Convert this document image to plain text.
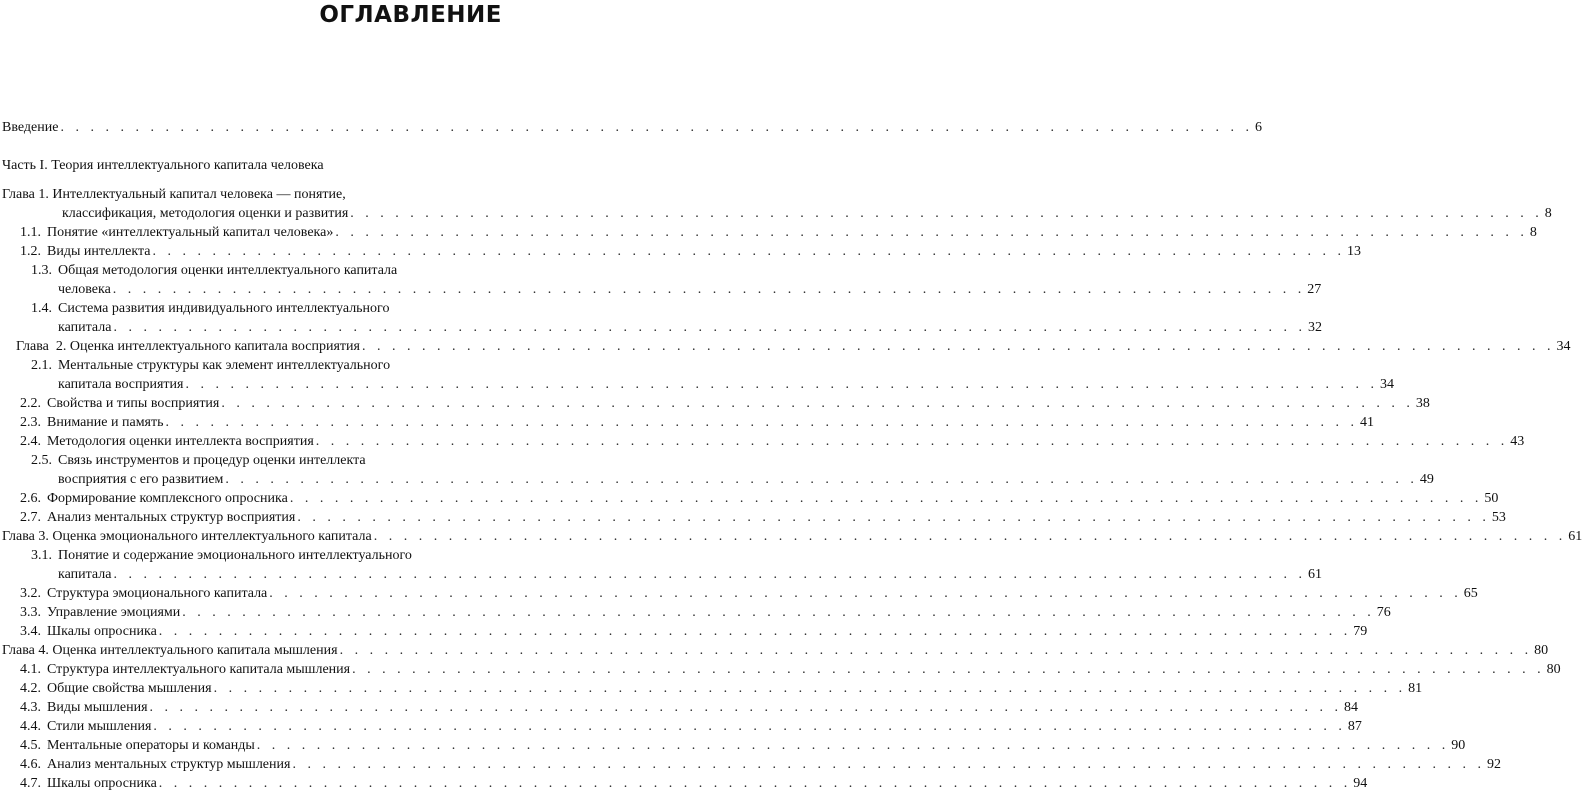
ОГЛАВЛЕНИЕ
Введение . . . . . . . . . . . . . . . . . . . . . . . . . . . . . . . . . . . . . . . . . . . . . . . . . . . . . . . . . . . . . . . . . . . . . . . . . . . . . . . . 6
Часть I. Теория интеллектуального капитала человека
Глава 1. Интеллектуальный капитал человека — понятие,
классификация, методология оценки и развития . . . . . . . . . . . . . . . . . . . . . . . . . . . . . . . . . . . . . . . . . . . . . . . . . . . . . . . . . . . . . . . . . . . . . . . . . . . . . . . . 8
1.1. Понятие «интеллектуальный капитал человека» . . . . . . . . . . . . . . . . . . . . . . . . . . . . . . . . . . . . . . . . . . . . . . . . . . . . . . . . . . . . . . . . . . . . . . . . . . . . . . . . 8
1.2. Виды интеллекта . . . . . . . . . . . . . . . . . . . . . . . . . . . . . . . . . . . . . . . . . . . . . . . . . . . . . . . . . . . . . . . . . . . . . . . . . . . . . . . . 13
1.3. Общая методология оценки интеллектуального капитала
человека . . . . . . . . . . . . . . . . . . . . . . . . . . . . . . . . . . . . . . . . . . . . . . . . . . . . . . . . . . . . . . . . . . . . . . . . . . . . . . . . 27
1.4. Система развития индивидуального интеллектуального
капитала . . . . . . . . . . . . . . . . . . . . . . . . . . . . . . . . . . . . . . . . . . . . . . . . . . . . . . . . . . . . . . . . . . . . . . . . . . . . . . . . 32
Глава  2. Оценка интеллектуального капитала восприятия . . . . . . . . . . . . . . . . . . . . . . . . . . . . . . . . . . . . . . . . . . . . . . . . . . . . . . . . . . . . . . . . . . . . . . . . . . . . . . . . 34
2.1. Ментальные структуры как элемент интеллектуального
капитала восприятия . . . . . . . . . . . . . . . . . . . . . . . . . . . . . . . . . . . . . . . . . . . . . . . . . . . . . . . . . . . . . . . . . . . . . . . . . . . . . . . . 34
2.2. Свойства и типы восприятия . . . . . . . . . . . . . . . . . . . . . . . . . . . . . . . . . . . . . . . . . . . . . . . . . . . . . . . . . . . . . . . . . . . . . . . . . . . . . . . . 38
2.3. Внимание и память . . . . . . . . . . . . . . . . . . . . . . . . . . . . . . . . . . . . . . . . . . . . . . . . . . . . . . . . . . . . . . . . . . . . . . . . . . . . . . . . 41
2.4. Методология оценки интеллекта восприятия . . . . . . . . . . . . . . . . . . . . . . . . . . . . . . . . . . . . . . . . . . . . . . . . . . . . . . . . . . . . . . . . . . . . . . . . . . . . . . . . 43
2.5. Связь инструментов и процедур оценки интеллекта
восприятия с его развитием . . . . . . . . . . . . . . . . . . . . . . . . . . . . . . . . . . . . . . . . . . . . . . . . . . . . . . . . . . . . . . . . . . . . . . . . . . . . . . . . 49
2.6. Формирование комплексного опросника . . . . . . . . . . . . . . . . . . . . . . . . . . . . . . . . . . . . . . . . . . . . . . . . . . . . . . . . . . . . . . . . . . . . . . . . . . . . . . . . 50
2.7. Анализ ментальных структур восприятия . . . . . . . . . . . . . . . . . . . . . . . . . . . . . . . . . . . . . . . . . . . . . . . . . . . . . . . . . . . . . . . . . . . . . . . . . . . . . . . . 53
Глава 3. Оценка эмоционального интеллектуального капитала . . . . . . . . . . . . . . . . . . . . . . . . . . . . . . . . . . . . . . . . . . . . . . . . . . . . . . . . . . . . . . . . . . . . . . . . . . . . . . . . 61
3.1. Понятие и содержание эмоционального интеллектуального
капитала . . . . . . . . . . . . . . . . . . . . . . . . . . . . . . . . . . . . . . . . . . . . . . . . . . . . . . . . . . . . . . . . . . . . . . . . . . . . . . . . 61
3.2. Структура эмоционального капитала . . . . . . . . . . . . . . . . . . . . . . . . . . . . . . . . . . . . . . . . . . . . . . . . . . . . . . . . . . . . . . . . . . . . . . . . . . . . . . . . 65
3.3. Управление эмоциями . . . . . . . . . . . . . . . . . . . . . . . . . . . . . . . . . . . . . . . . . . . . . . . . . . . . . . . . . . . . . . . . . . . . . . . . . . . . . . . . 76
3.4. Шкалы опросника . . . . . . . . . . . . . . . . . . . . . . . . . . . . . . . . . . . . . . . . . . . . . . . . . . . . . . . . . . . . . . . . . . . . . . . . . . . . . . . . 79
Глава 4. Оценка интеллектуального капитала мышления . . . . . . . . . . . . . . . . . . . . . . . . . . . . . . . . . . . . . . . . . . . . . . . . . . . . . . . . . . . . . . . . . . . . . . . . . . . . . . . . 80
4.1. Структура интеллектуального капитала мышления . . . . . . . . . . . . . . . . . . . . . . . . . . . . . . . . . . . . . . . . . . . . . . . . . . . . . . . . . . . . . . . . . . . . . . . . . . . . . . . . 80
4.2. Общие свойства мышления . . . . . . . . . . . . . . . . . . . . . . . . . . . . . . . . . . . . . . . . . . . . . . . . . . . . . . . . . . . . . . . . . . . . . . . . . . . . . . . . 81
4.3. Виды мышления . . . . . . . . . . . . . . . . . . . . . . . . . . . . . . . . . . . . . . . . . . . . . . . . . . . . . . . . . . . . . . . . . . . . . . . . . . . . . . . . 84
4.4. Стили мышления . . . . . . . . . . . . . . . . . . . . . . . . . . . . . . . . . . . . . . . . . . . . . . . . . . . . . . . . . . . . . . . . . . . . . . . . . . . . . . . . 87
4.5. Ментальные операторы и команды . . . . . . . . . . . . . . . . . . . . . . . . . . . . . . . . . . . . . . . . . . . . . . . . . . . . . . . . . . . . . . . . . . . . . . . . . . . . . . . . 90
4.6. Анализ ментальных структур мышления . . . . . . . . . . . . . . . . . . . . . . . . . . . . . . . . . . . . . . . . . . . . . . . . . . . . . . . . . . . . . . . . . . . . . . . . . . . . . . . . 92
4.7. Шкалы опросника . . . . . . . . . . . . . . . . . . . . . . . . . . . . . . . . . . . . . . . . . . . . . . . . . . . . . . . . . . . . . . . . . . . . . . . . . . . . . . . . 94
